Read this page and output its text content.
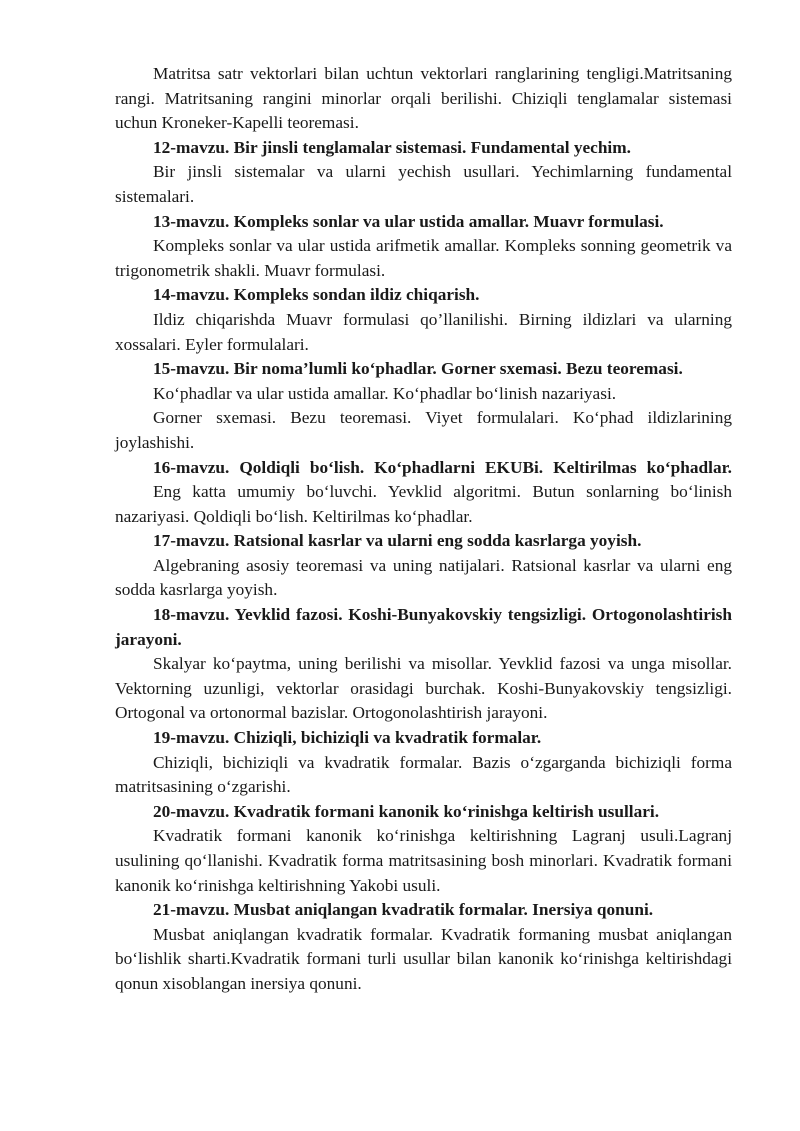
Matritsa satr vektorlari bilan uchtun vektorlari ranglarining tengligi.Matritsaning rangi. Matritsaning rangini minorlar orqali berilishi. Chiziqli tenglamalar sistemasi uchun Kroneker-Kapelli teoremasi.

12-mavzu. Bir jinsli tenglamalar sistemasi. Fundamental yechim.

Bir jinsli sistemalar va ularni yechish usullari. Yechimlarning fundamental sistemalari.

13-mavzu. Kompleks sonlar va ular ustida amallar. Muavr formulasi.

Kompleks sonlar va ular ustida arifmetik amallar. Kompleks sonning geometrik va trigonometrik shakli. Muavr formulasi.

14-mavzu. Kompleks sondan ildiz chiqarish.

Ildiz chiqarishda Muavr formulasi qo’llanilishi. Birning ildizlari va ularning xossalari. Eyler formulalari.

15-mavzu. Bir noma’lumli ko‘phadlar. Gorner sxemasi. Bezu teoremasi.

Ko‘phadlar va ular ustida amallar. Ko‘phadlar bo‘linish nazariyasi.

Gorner sxemasi. Bezu teoremasi. Viyet formulalari. Ko‘phad ildizlarining joylashishi.

16-mavzu. Qoldiqli bo‘lish. Ko‘phadlarni EKUBi. Keltirilmas ko‘phadlar.

Eng katta umumiy bo‘luvchi. Yevklid algoritmi. Butun sonlarning bo‘linish nazariyasi. Qoldiqli bo‘lish. Keltirilmas ko‘phadlar.

17-mavzu. Ratsional kasrlar va ularni eng sodda kasrlarga yoyish.

Algebraning asosiy teoremasi va uning natijalari. Ratsional kasrlar va ularni eng sodda kasrlarga yoyish.

18-mavzu. Yevklid fazosi. Koshi-Bunyakovskiy tengsizligi. Ortogonolashtirish jarayoni.

Skalyar ko‘paytma, uning berilishi va misollar. Yevklid fazosi va unga misollar. Vektorning uzunligi, vektorlar orasidagi burchak. Koshi-Bunyakovskiy tengsizligi. Ortogonal va ortonormal bazislar. Ortogonolashtirish jarayoni.

19-mavzu. Chiziqli, bichiziqli va kvadratik formalar.

Chiziqli, bichiziqli va kvadratik formalar. Bazis o‘zgarganda bichiziqli forma matritsasining o‘zgarishi.

20-mavzu. Kvadratik formani kanonik ko‘rinishga keltirish usullari.

Kvadratik formani kanonik ko‘rinishga keltirishning Lagranj usuli.Lagranj usulining qo‘llanishi. Kvadratik forma matritsasining bosh minorlari. Kvadratik formani kanonik ko‘rinishga keltirishning Yakobi usuli.

21-mavzu. Musbat aniqlangan kvadratik formalar. Inersiya qonuni.

Musbat aniqlangan kvadratik formalar. Kvadratik formaning musbat aniqlangan bo‘lishlik sharti.Kvadratik formani turli usullar bilan kanonik ko‘rinishga keltirishdagi qonun xisoblangan inersiya qonuni.
